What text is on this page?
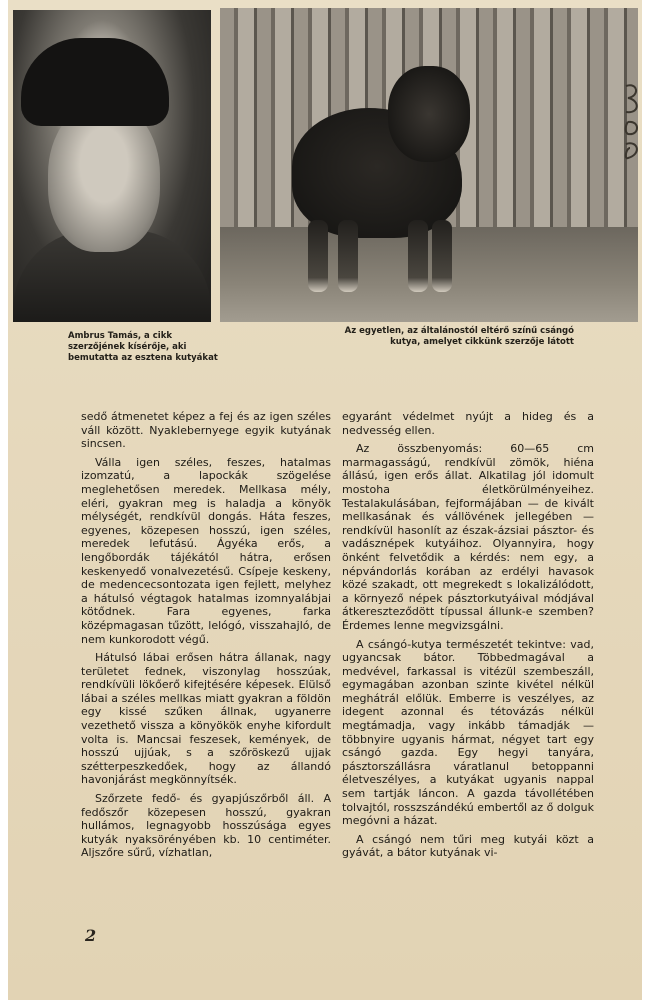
Ambrus Tamás, a cikk szerzőjének kísérője, aki bemutatta az esztena kutyákat
Az egyetlen, az általánostól eltérő színű csángó kutya, amelyet cikkünk szerzője látott

sedő átmenetet képez a fej és az igen széles váll között. Nyaklebernyege egyik kutyának sincsen.

Válla igen széles, feszes, hatalmas izomzatú, a lapockák szögelése meglehetősen meredek. Mellkasa mély, eléri, gyakran meg is haladja a könyök mélységét, rendkívül dongás. Háta feszes, egyenes, közepesen hosszú, igen széles, meredek lefutású. Ágyéka erős, a lengőbordák tájékától hátra, erősen keskenyedő vonalvezetésű. Csípeje keskeny, de medencecsontozata igen fejlett, melyhez a hátulsó végtagok hatalmas izomnyalábjai kötődnek. Fara egyenes, farka középmagasan tűzött, lelógó, visszahajló, de nem kunkorodott végű.

Hátulsó lábai erősen hátra állanak, nagy területet fednek, viszonylag hosszúak, rendkívüli lökőerő kifejtésére képesek. Elülső lábai a széles mellkas miatt gyakran a földön egy kissé szűken állnak, ugyanerre vezethető vissza a könyökök enyhe kifordult volta is. Mancsai feszesek, kemények, de hosszú ujjúak, s a szőröskezű ujjak szétterpeszkedőek, hogy az állandó havonjárást megkönnyítsék.

Szőrzete fedő- és gyapjúszőrből áll. A fedőszőr közepesen hosszú, gyakran hullámos, legnagyobb hosszúsága egyes kutyák nyaksörényében kb. 10 centiméter. Aljszőre sűrű, vízhatlan,

egyaránt védelmet nyújt a hideg és a nedvesség ellen.

Az összbenyomás: 60—65 cm marmagasságú, rendkívül zömök, hiéna állású, igen erős állat. Alkatilag jól idomult mostoha életkörülményeihez. Testalakulásában, fejformájában — de kivált mellkasának és vállövének jellegében — rendkívül hasonlít az észak-ázsiai pásztor- és vadásznépek kutyáihoz. Olyannyira, hogy önként felvetődik a kérdés: nem egy, a népvándorlás korában az erdélyi havasok közé szakadt, ott megrekedt s lokalizálódott, a környező népek pásztorkutyáival módjával átkereszteződött típussal állunk-e szemben? Érdemes lenne megvizsgálni.

A csángó-kutya természetét tekintve: vad, ugyancsak bátor. Többedmagával a medvével, farkassal is vitézül szembeszáll, egymagában azonban szinte kivétel nélkül meghátrál előlük. Emberre is veszélyes, az idegent azonnal és tétovázás nélkül megtámadja, vagy inkább támadják — többnyire ugyanis hármat, négyet tart egy csángó gazda. Egy hegyi tanyára, pásztorszállásra váratlanul betoppanni életveszélyes, a kutyákat ugyanis nappal sem tartják láncon. A gazda távollétében tolvajtól, rosszszándékú embertől az ő dolguk megóvni a házat.

A csángó nem tűri meg kutyái közt a gyávát, a bátor kutyának vi-

2
